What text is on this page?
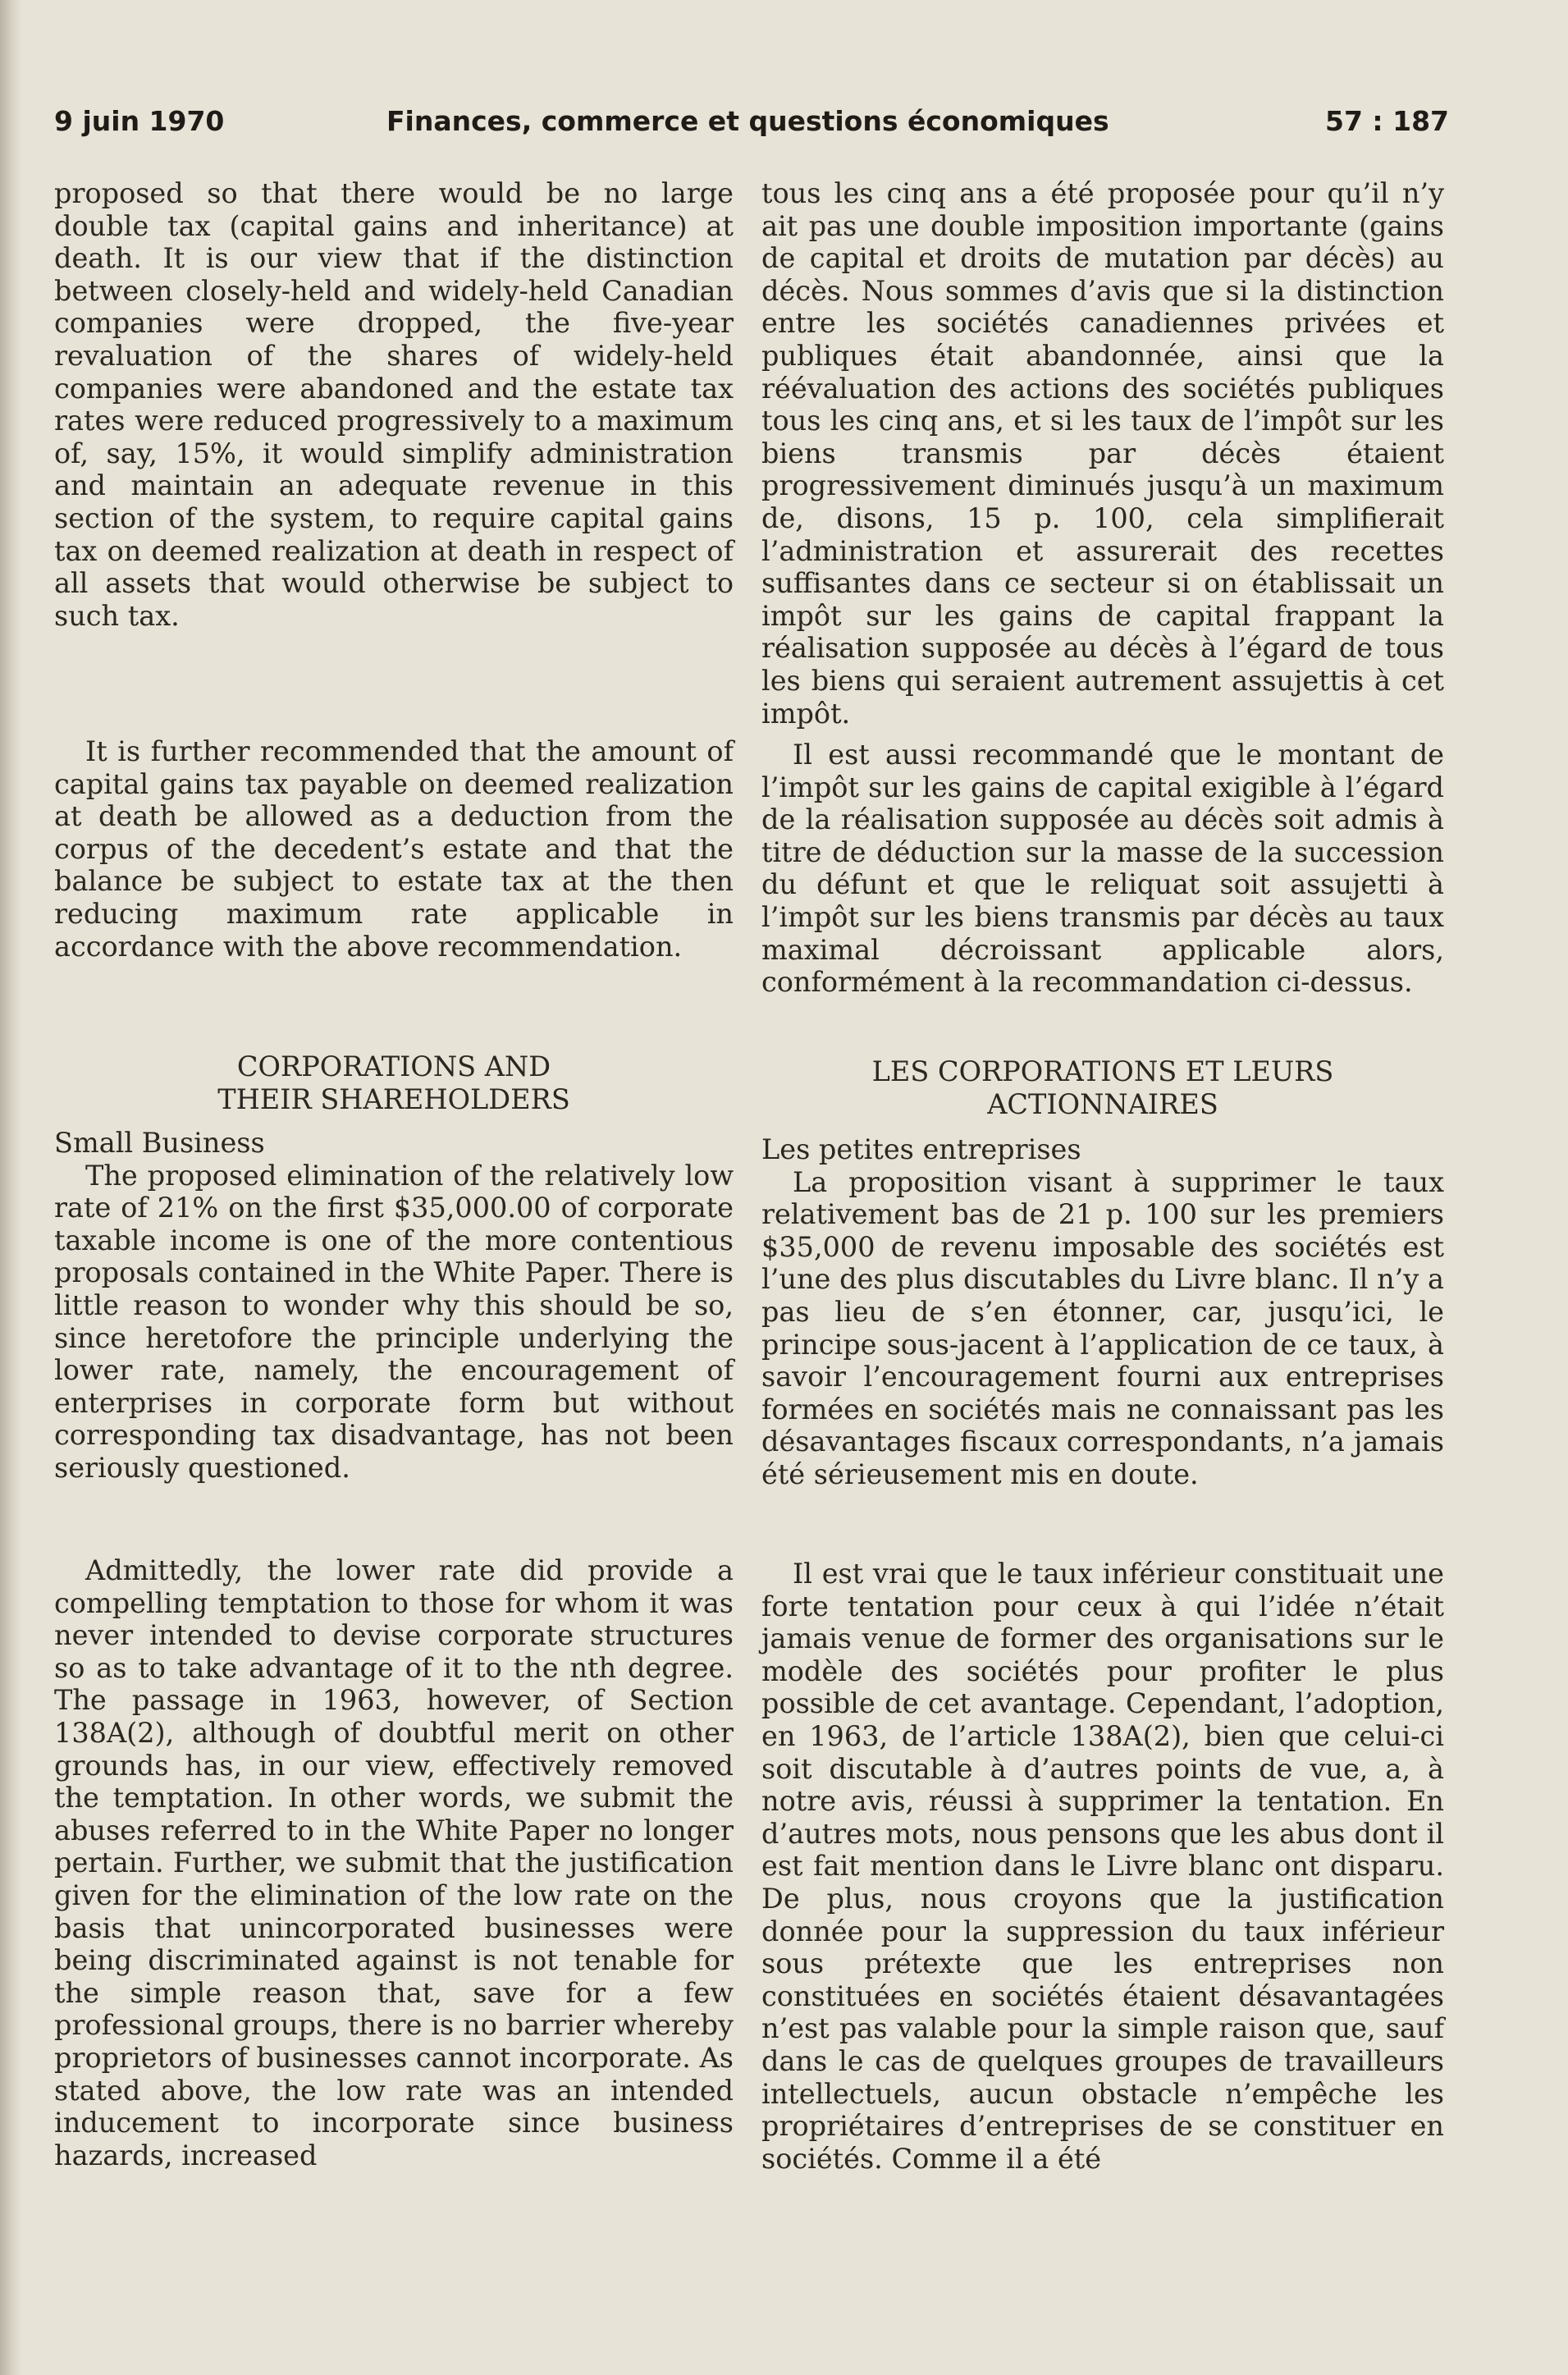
9 juin 1970	Finances, commerce et questions économiques	57 : 187

proposed so that there would be no large double tax (capital gains and inheritance) at death. It is our view that if the distinction between closely-held and widely-held Canadian companies were dropped, the five-year revaluation of the shares of widely-held companies were abandoned and the estate tax rates were reduced progressively to a maximum of, say, 15%, it would simplify administration and maintain an adequate revenue in this section of the system, to require capital gains tax on deemed realization at death in respect of all assets that would otherwise be subject to such tax.

It is further recommended that the amount of capital gains tax payable on deemed realization at death be allowed as a deduction from the corpus of the decedent’s estate and that the balance be subject to estate tax at the then reducing maximum rate applicable in accordance with the above recommendation.

CORPORATIONS AND

THEIR SHAREHOLDERS

Small Business

The proposed elimination of the relatively low rate of 21% on the first $35,000.00 of corporate taxable income is one of the more contentious proposals contained in the White Paper. There is little reason to wonder why this should be so, since heretofore the principle underlying the lower rate, namely, the encouragement of enterprises in corporate form but without corresponding tax disadvantage, has not been seriously questioned.

Admittedly, the lower rate did provide a compelling temptation to those for whom it was never intended to devise corporate structures so as to take advantage of it to the nth degree. The passage in 1963, however, of Section 138A(2), although of doubtful merit on other grounds has, in our view, effectively removed the temptation. In other words, we submit the abuses referred to in the White Paper no longer pertain. Further, we submit that the justification given for the elimination of the low rate on the basis that unincorporated businesses were being discriminated against is not tenable for the simple reason that, save for a few professional groups, there is no barrier whereby proprietors of businesses cannot incorporate. As stated above, the low rate was an intended inducement to incorporate since business hazards, increased

tous les cinq ans a été proposée pour qu’il n’y ait pas une double imposition importante (gains de capital et droits de mutation par décès) au décès. Nous sommes d’avis que si la distinction entre les sociétés canadiennes privées et publiques était abandonnée, ainsi que la réévaluation des actions des sociétés publiques tous les cinq ans, et si les taux de l’impôt sur les biens transmis par décès étaient progressivement diminués jusqu’à un maximum de, disons, 15 p. 100, cela simplifierait l’administration et assurerait des recettes suffisantes dans ce secteur si on établissait un impôt sur les gains de capital frappant la réalisation supposée au décès à l’égard de tous les biens qui seraient autrement assujettis à cet impôt.

Il est aussi recommandé que le montant de l’impôt sur les gains de capital exigible à l’égard de la réalisation supposée au décès soit admis à titre de déduction sur la masse de la succession du défunt et que le reliquat soit assujetti à l’impôt sur les biens transmis par décès au taux maximal décroissant applicable alors, conformément à la recommandation ci-dessus.

LES CORPORATIONS ET LEURS

ACTIONNAIRES

Les petites entreprises

La proposition visant à supprimer le taux relativement bas de 21 p. 100 sur les premiers $35,000 de revenu imposable des sociétés est l’une des plus discutables du Livre blanc. Il n’y a pas lieu de s’en étonner, car, jusqu’ici, le principe sous-jacent à l’application de ce taux, à savoir l’encouragement fourni aux entreprises formées en sociétés mais ne connaissant pas les désavantages fiscaux correspondants, n’a jamais été sérieusement mis en doute.

Il est vrai que le taux inférieur constituait une forte tentation pour ceux à qui l’idée n’était jamais venue de former des organisations sur le modèle des sociétés pour profiter le plus possible de cet avantage. Cependant, l’adoption, en 1963, de l’article 138A(2), bien que celui-ci soit discutable à d’autres points de vue, a, à notre avis, réussi à supprimer la tentation. En d’autres mots, nous pensons que les abus dont il est fait mention dans le Livre blanc ont disparu. De plus, nous croyons que la justification donnée pour la suppression du taux inférieur sous prétexte que les entreprises non constituées en sociétés étaient désavantagées n’est pas valable pour la simple raison que, sauf dans le cas de quelques groupes de travailleurs intellectuels, aucun obstacle n’empêche les propriétaires d’entreprises de se constituer en sociétés. Comme il a été
